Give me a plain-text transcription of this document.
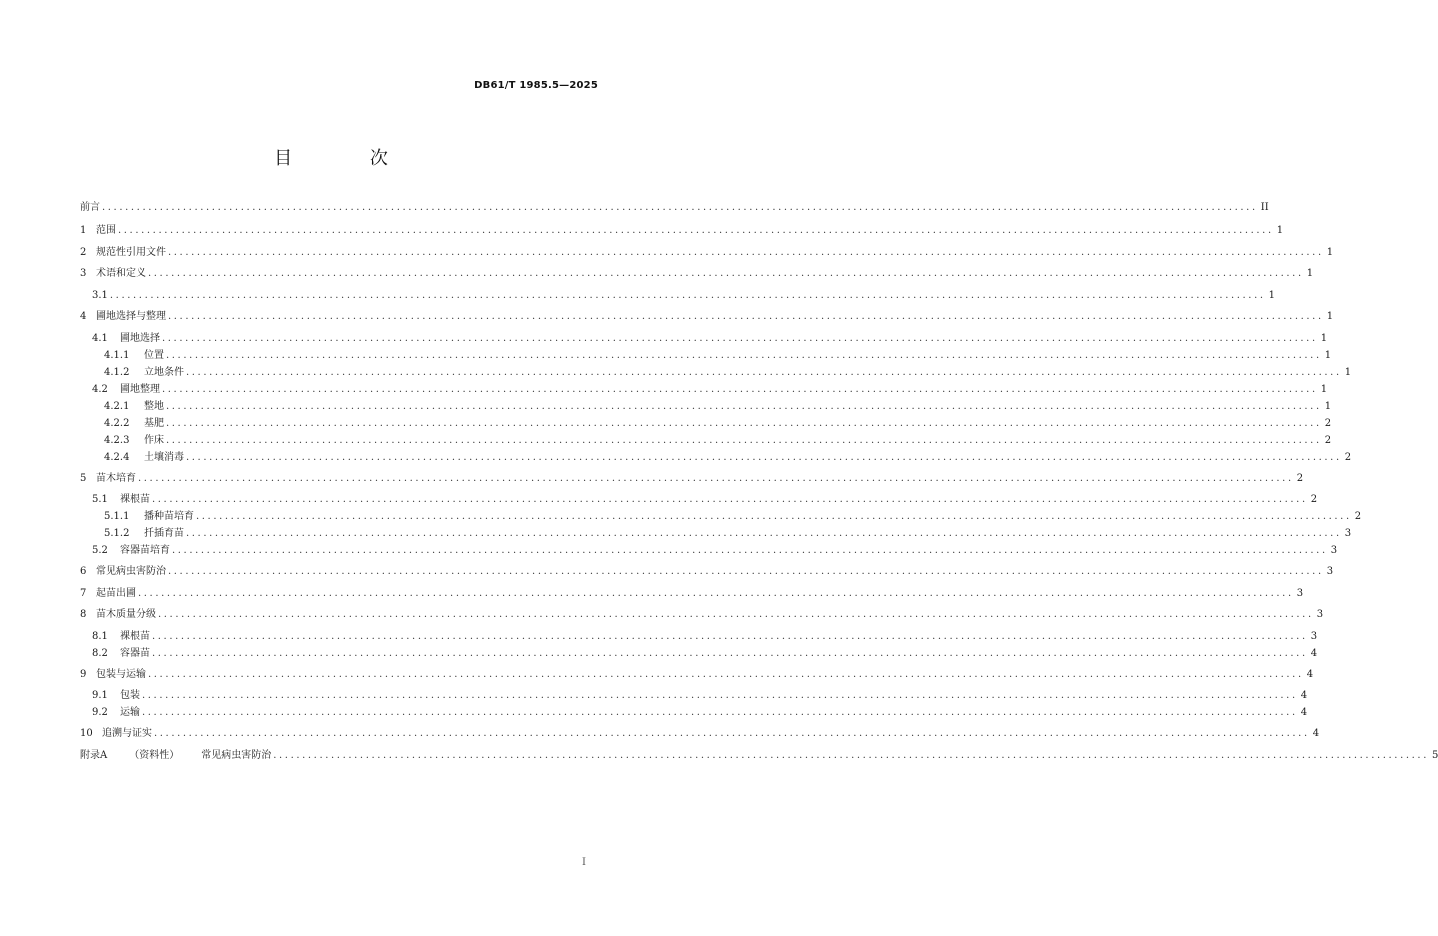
DB61/T 1985.5—2025
目 次
前言 ........................................................................................................................................................................................................ II
1 范围 ........................................................................................................................................................................................................ 1
2 规范性引用文件 ........................................................................................................................................................................................................ 1
3 术语和定义 ........................................................................................................................................................................................................ 1
3.1 ........................................................................................................................................................................................................ 1
4 圃地选择与整理 ........................................................................................................................................................................................................ 1
4.1 圃地选择 ........................................................................................................................................................................................................ 1
4.1.1 位置 ........................................................................................................................................................................................................ 1
4.1.2 立地条件 ........................................................................................................................................................................................................ 1
4.2 圃地整理 ........................................................................................................................................................................................................ 1
4.2.1 整地 ........................................................................................................................................................................................................ 1
4.2.2 基肥 ........................................................................................................................................................................................................ 2
4.2.3 作床 ........................................................................................................................................................................................................ 2
4.2.4 土壤消毒 ........................................................................................................................................................................................................ 2
5 苗木培育 ........................................................................................................................................................................................................ 2
5.1 裸根苗 ........................................................................................................................................................................................................ 2
5.1.1 播种苗培育 ........................................................................................................................................................................................................ 2
5.1.2 扦插育苗 ........................................................................................................................................................................................................ 3
5.2 容器苗培育 ........................................................................................................................................................................................................ 3
6 常见病虫害防治 ........................................................................................................................................................................................................ 3
7 起苗出圃 ........................................................................................................................................................................................................ 3
8 苗木质量分级 ........................................................................................................................................................................................................ 3
8.1 裸根苗 ........................................................................................................................................................................................................ 3
8.2 容器苗 ........................................................................................................................................................................................................ 4
9 包装与运输 ........................................................................................................................................................................................................ 4
9.1 包装 ........................................................................................................................................................................................................ 4
9.2 运输 ........................................................................................................................................................................................................ 4
10 追溯与证实 ........................................................................................................................................................................................................ 4
附录A （资料性） 常见病虫害防治 ........................................................................................................................................................................................................ 5
I
